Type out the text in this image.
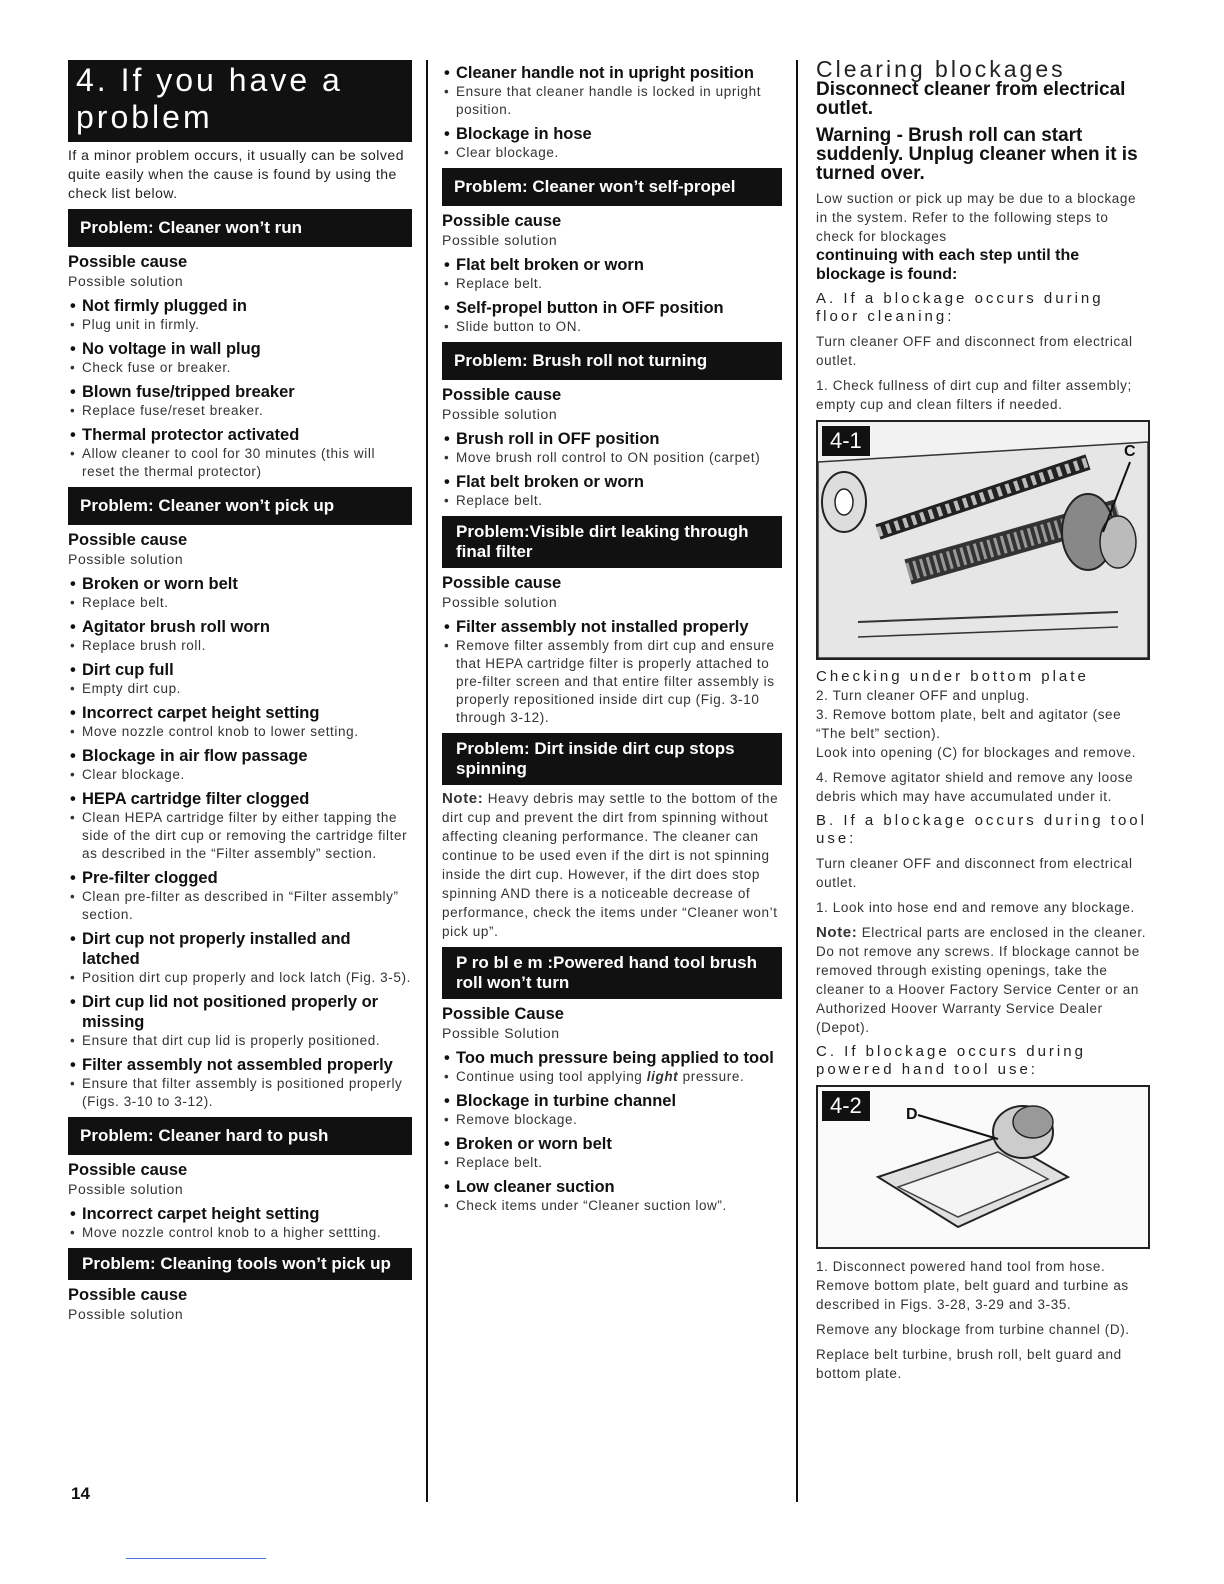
4. If you have a problem
If a minor problem occurs, it usually can be solved quite easily when the cause is found by using the check list below.
Problem: Cleaner won’t run
Possible cause
Possible solution
• Not firmly plugged in
• Plug unit in firmly.
• No voltage in wall plug
• Check fuse or breaker.
• Blown fuse/tripped breaker
• Replace fuse/reset breaker.
• Thermal protector activated
• Allow cleaner to cool for 30 minutes (this will reset the thermal protector)
Problem: Cleaner won’t pick up
Possible cause
Possible solution
• Broken or worn belt
• Replace belt.
• Agitator brush roll worn
• Replace brush roll.
• Dirt cup full
• Empty dirt cup.
• Incorrect carpet height setting
• Move nozzle control knob to lower setting.
• Blockage in air flow passage
• Clear blockage.
• HEPA cartridge filter clogged
• Clean HEPA cartridge filter by either tapping the side of the dirt cup or removing the cartridge filter as described in the “Filter assembly” section.
• Pre-filter clogged
• Clean pre-filter as described in “Filter assembly” section.
• Dirt cup not properly installed and latched
• Position dirt cup properly and lock latch (Fig. 3-5).
• Dirt cup lid not positioned properly or missing
• Ensure that dirt cup lid is properly positioned.
• Filter assembly not assembled properly
• Ensure that filter assembly is positioned properly (Figs. 3-10 to 3-12).
Problem: Cleaner hard to push
Possible cause
Possible solution
• Incorrect carpet height setting
• Move nozzle control knob to a higher settting.
Problem: Cleaning tools won’t pick up
Possible cause
Possible solution
• Cleaner handle not in upright position
• Ensure that cleaner handle is locked in upright position.
• Blockage in hose
• Clear blockage.
Problem: Cleaner won’t self-propel
Possible cause
Possible solution
• Flat belt broken or worn
• Replace belt.
• Self-propel button in OFF position
• Slide button to ON.
Problem: Brush roll not turning
Possible cause
Possible solution
• Brush roll in OFF position
• Move brush roll control to ON position (carpet)
• Flat belt broken or worn
• Replace belt.
Problem:Visible dirt leaking through final filter
Possible cause
Possible solution
• Filter assembly not installed properly
• Remove filter assembly from dirt cup and ensure that HEPA cartridge filter is properly attached to pre-filter screen and that entire filter assembly is properly repositioned inside dirt cup (Fig. 3-10 through 3-12).
Problem: Dirt inside dirt cup stops spinning
Note: Heavy debris may settle to the bottom of the dirt cup and prevent the dirt from spinning without affecting cleaning performance. The cleaner can continue to be used even if the dirt is not spinning inside the dirt cup. However, if the dirt does stop spinning AND there is a noticeable decrease of performance, check the items under “Cleaner won’t pick up”.
P ro bl e m :Powered hand tool brush roll won’t turn
Possible Cause
Possible Solution
• Too much pressure being applied to tool
• Continue using tool applying light pressure.
• Blockage in turbine channel
• Remove blockage.
• Broken or worn belt
• Replace belt.
• Low cleaner suction
• Check items under “Cleaner suction low”.
Clearing blockages
Disconnect cleaner from electrical outlet.
Warning - Brush roll can start suddenly. Unplug cleaner when it is turned over.
Low suction or pick up may be due to a blockage in the system. Refer to the following steps to check for blockages
continuing with each step until the blockage is found:
A. If a blockage occurs during floor cleaning:
Turn cleaner OFF and disconnect from electrical outlet.
1. Check fullness of dirt cup and filter assembly; empty cup and clean filters if needed.
C
4-1
Checking under bottom plate
2. Turn cleaner OFF and unplug.
3. Remove bottom plate, belt and agitator (see “The belt” section).
Look into opening (C) for blockages and remove.
4. Remove agitator shield and remove any loose debris which may have accumulated under it.
B. If a blockage occurs during tool use:
Turn cleaner OFF and disconnect from electrical outlet.
1. Look into hose end and remove any blockage.
Note: Electrical parts are enclosed in the cleaner. Do not remove any screws. If blockage cannot be removed through existing openings, take the cleaner to a Hoover Factory Service Center or an Authorized Hoover Warranty Service Dealer (Depot).
C. If blockage occurs during powered hand tool use:
D
4-2
1. Disconnect powered hand tool from hose. Remove bottom plate, belt guard and turbine as described in Figs. 3-28, 3-29 and 3-35.
Remove any blockage from turbine channel (D).
Replace belt turbine, brush roll, belt guard and bottom plate.
14
